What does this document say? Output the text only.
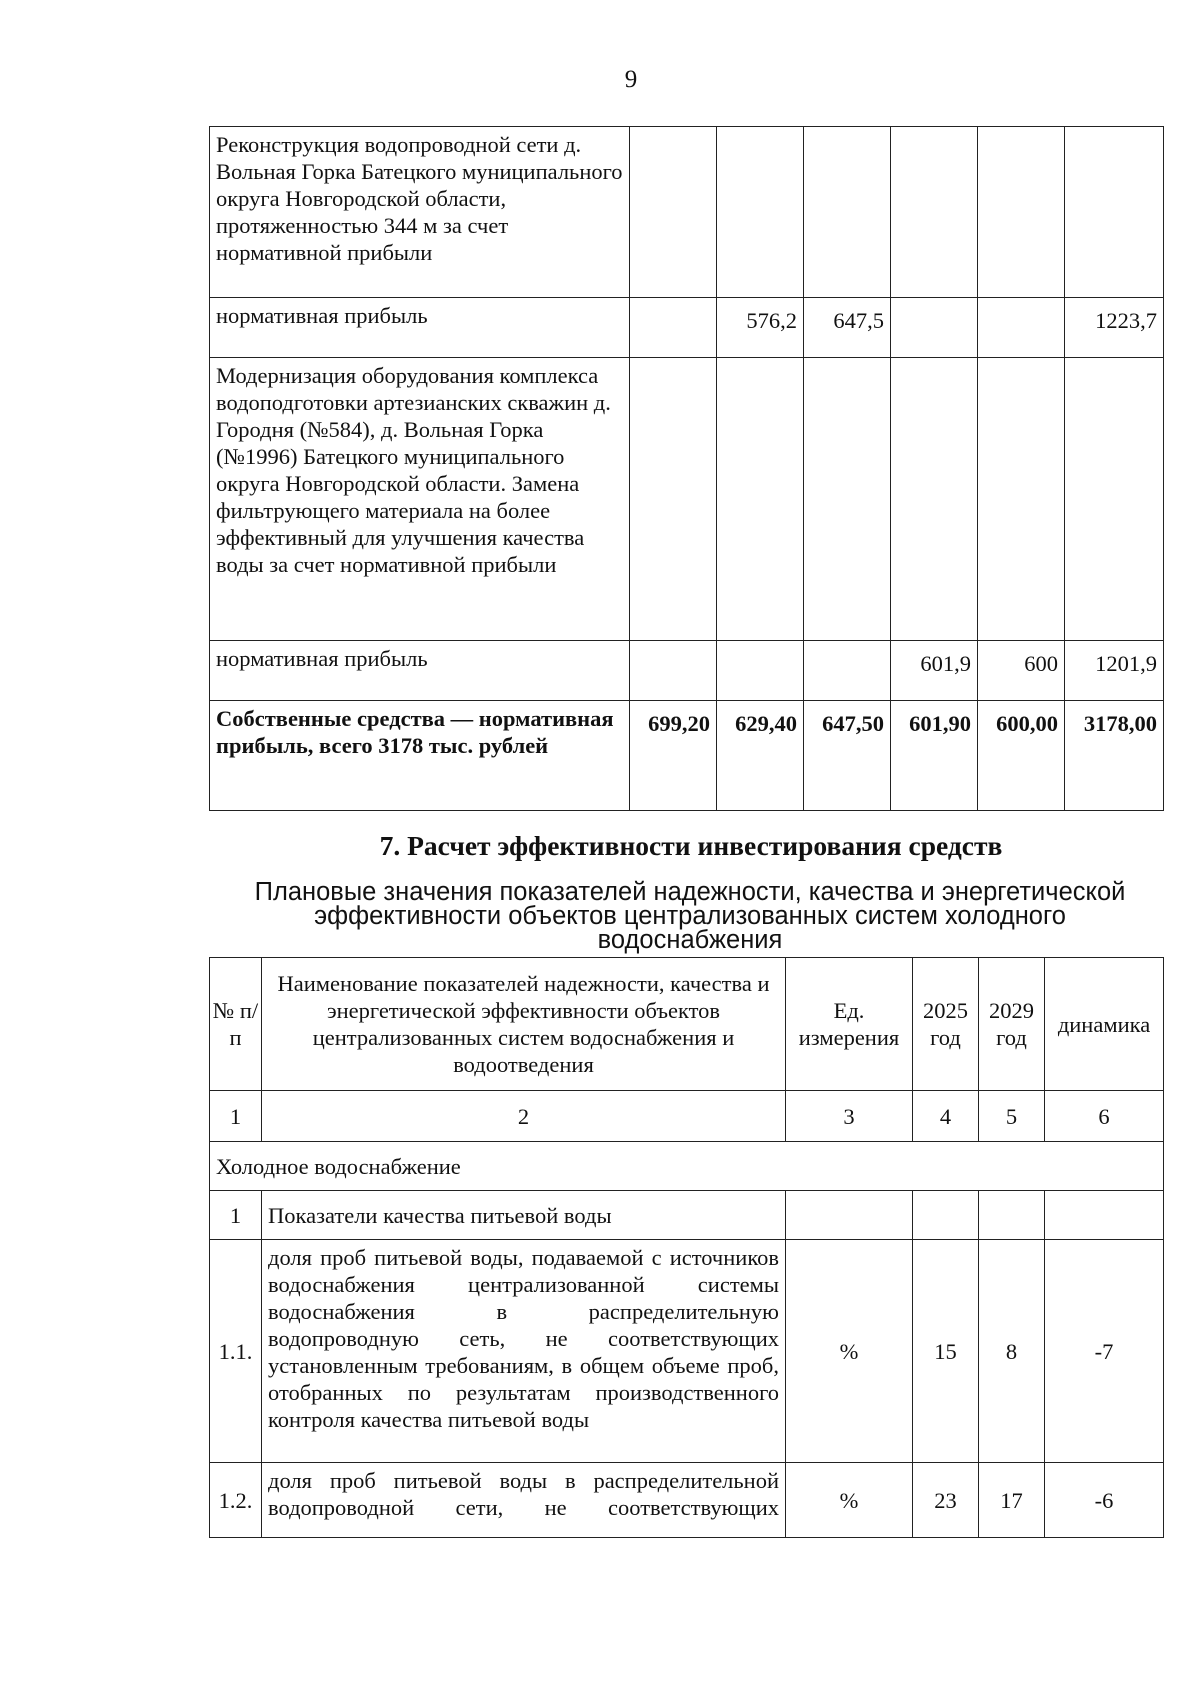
9
Реконструкция водопроводной сети д. Вольная Горка Батецкого муниципального округа Новгородской области, протяженностью 344 м за счет нормативной прибыли						
нормативная прибыль		576,2	647,5			1223,7
Модернизация оборудования комплекса водоподготовки артезианских скважин д. Городня (№584), д. Вольная Горка (№1996) Батецкого муниципального округа Новгородской области. Замена фильтрующего материала на более эффективный для улучшения качества воды за счет нормативной прибыли						
нормативная прибыль				601,9	600	1201,9
Собственные средства — нормативная прибыль, всего 3178 тыс. рублей	699,20	629,40	647,50	601,90	600,00	3178,00
7. Расчет эффективности инвестирования средств
Плановые значения показателей надежности, качества и энергетической эффективности объектов централизованных систем холодного водоснабжения
№ п/п	Наименование показателей надежности, качества и энергетической эффективности объектов централизованных систем водоснабжения и водоотведения	Ед. измерения	2025 год	2029 год	динамика
1	2	3	4	5	6
Холодное водоснабжение					
1	Показатели качества питьевой воды				
1.1.	доля проб питьевой воды, подаваемой с источников водоснабжения централизованной системы водоснабжения в распределительную водопроводную сеть, не соответствующих установленным требованиям, в общем объеме проб, отобранных по результатам производственного контроля качества питьевой воды	%	15	8	-7
1.2.	доля проб питьевой воды в распределительной водопроводной сети, не соответствующих	%	23	17	-6
